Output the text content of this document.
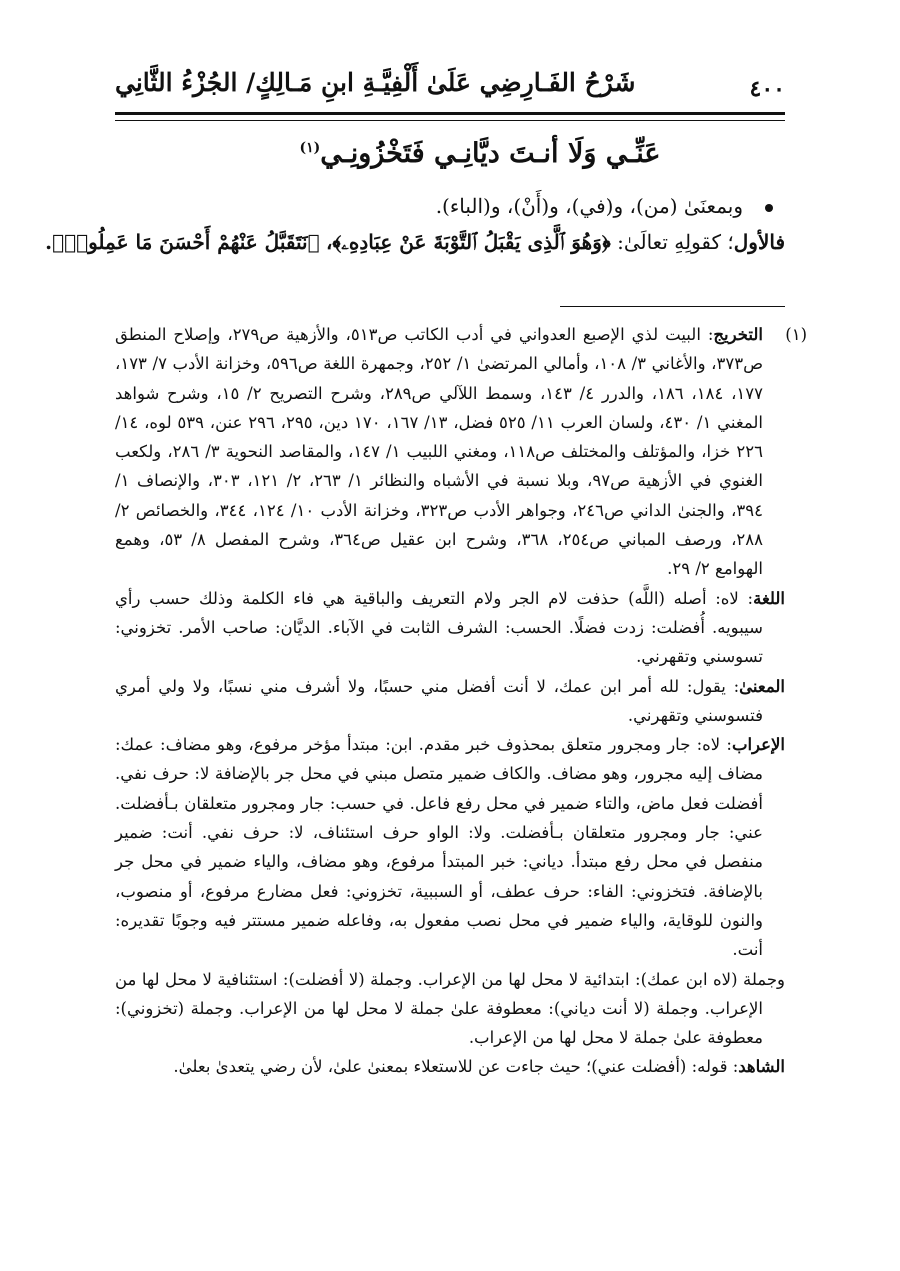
٤٠٠
شَرْحُ الفَـارِضِي عَلَىٰ أَلْفِيَّـةِ ابنِ مَـالِكٍ/ الجُزْءُ الثَّانِي
عَنِّـي وَلَا أنـتَ ديَّانِـي فَتَخْزُونِـي$^{(١)}$
وبمعنَىٰ (من)، و(في)، و(أَنْ)، و(الباء).
فالأول؛ كقولِهِ تعالَىٰ: ﴿وَهُوَ ٱلَّذِى يَقْبَلُ ٱلتَّوْبَةَ عَنْ عِبَادِهِۦ﴾، ﴿نَتَقَبَّلُ عَنْهُمْ أَحْسَنَ مَا عَمِلُوا۟﴾.

(١)التخريج: البيت لذي الإصبع العدواني في أدب الكاتب ص٥١٣، والأزهية ص٢٧٩، وإصلاح المنطق ص٣٧٣، والأغاني ٣/ ١٠٨، وأمالي المرتضىٰ ١/ ٢٥٢، وجمهرة اللغة ص٥٩٦، وخزانة الأدب ٧/ ١٧٣، ١٧٧، ١٨٤، ١٨٦، والدرر ٤/ ١٤٣، وسمط اللآلي ص٢٨٩، وشرح التصريح ٢/ ١٥، وشرح شواهد المغني ١/ ٤٣٠، ولسان العرب ١١/ ٥٢٥ فضل، ١٣/ ١٦٧، ١٧٠ دين، ٢٩٥، ٢٩٦ عنن، ٥٣٩ لوه، ١٤/ ٢٢٦ خزا، والمؤتلف والمختلف ص١١٨، ومغني اللبيب ١/ ١٤٧، والمقاصد النحوية ٣/ ٢٨٦، ولكعب الغنوي في الأزهية ص٩٧، وبلا نسبة في الأشباه والنظائر ١/ ٢٦٣، ٢/ ١٢١، ٣٠٣، والإنصاف ١/ ٣٩٤، والجنىٰ الداني ص٢٤٦، وجواهر الأدب ص٣٢٣، وخزانة الأدب ١٠/ ١٢٤، ٣٤٤، والخصائص ٢/ ٢٨٨، ورصف المباني ص٢٥٤، ٣٦٨، وشرح ابن عقيل ص٣٦٤، وشرح المفصل ٨/ ٥٣، وهمع الهوامع ٢/ ٢٩.

اللغة: لاه: أصله (اللَّه) حذفت لام الجر ولام التعريف والباقية هي فاء الكلمة وذلك حسب رأي سيبويه. أُفضلت: زدت فضلًا. الحسب: الشرف الثابت في الآباء. الديَّان: صاحب الأمر. تخزوني: تسوسني وتقهرني.

المعنىٰ: يقول: لله أمر ابن عمك، لا أنت أفضل مني حسبًا، ولا أشرف مني نسبًا، ولا ولي أمري فتسوسني وتقهرني.

الإعراب: لاه: جار ومجرور متعلق بمحذوف خبر مقدم. ابن: مبتدأ مؤخر مرفوع، وهو مضاف: عمك: مضاف إليه مجرور، وهو مضاف. والكاف ضمير متصل مبني في محل جر بالإضافة لا: حرف نفي. أفضلت فعل ماض، والتاء ضمير في محل رفع فاعل. في حسب: جار ومجرور متعلقان بـأفضلت. عني: جار ومجرور متعلقان بـأفضلت. ولا: الواو حرف استئناف، لا: حرف نفي. أنت: ضمير منفصل في محل رفع مبتدأ. دياني: خبر المبتدأ مرفوع، وهو مضاف، والياء ضمير في محل جر بالإضافة. فتخزوني: الفاء: حرف عطف، أو السببية، تخزوني: فعل مضارع مرفوع، أو منصوب، والنون للوقاية، والياء ضمير في محل نصب مفعول به، وفاعله ضمير مستتر فيه وجوبًا تقديره: أنت.

وجملة (لاه ابن عمك): ابتدائية لا محل لها من الإعراب. وجملة (لا أفضلت): استئنافية لا محل لها من الإعراب. وجملة (لا أنت دياني): معطوفة علىٰ جملة لا محل لها من الإعراب. وجملة (تخزوني): معطوفة علىٰ جملة لا محل لها من الإعراب.

الشاهد: قوله: (أفضلت عني)؛ حيث جاءت عن للاستعلاء بمعنىٰ علىٰ، لأن رضي يتعدىٰ بعلىٰ.
